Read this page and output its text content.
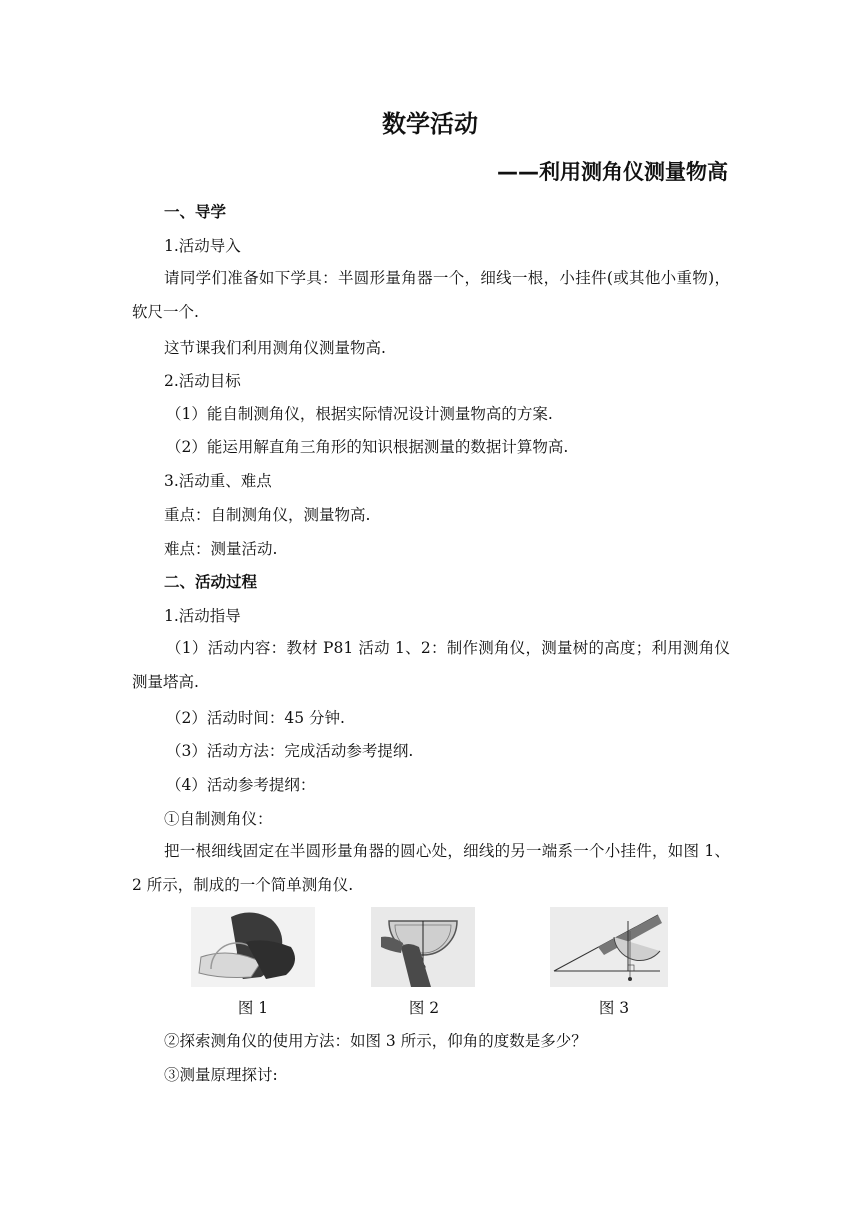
数学活动
——利用测角仪测量物高
一、导学
1.活动导入
请同学们准备如下学具：半圆形量角器一个，细线一根，小挂件(或其他小重物)，软尺一个.
这节课我们利用测角仪测量物高.
2.活动目标
（1）能自制测角仪，根据实际情况设计测量物高的方案.
（2）能运用解直角三角形的知识根据测量的数据计算物高.
3.活动重、难点
重点：自制测角仪，测量物高.
难点：测量活动.
二、活动过程
1.活动指导
（1）活动内容：教材 P81 活动 1、2：制作测角仪，测量树的高度；利用测角仪测量塔高.
（2）活动时间：45 分钟.
（3）活动方法：完成活动参考提纲.
（4）活动参考提纲：
①自制测角仪：
把一根细线固定在半圆形量角器的圆心处，细线的另一端系一个小挂件，如图 1、2 所示，制成的一个简单测角仪.
图 1	图 2	图 3
②探索测角仪的使用方法：如图 3 所示，仰角的度数是多少？
③测量原理探讨:
